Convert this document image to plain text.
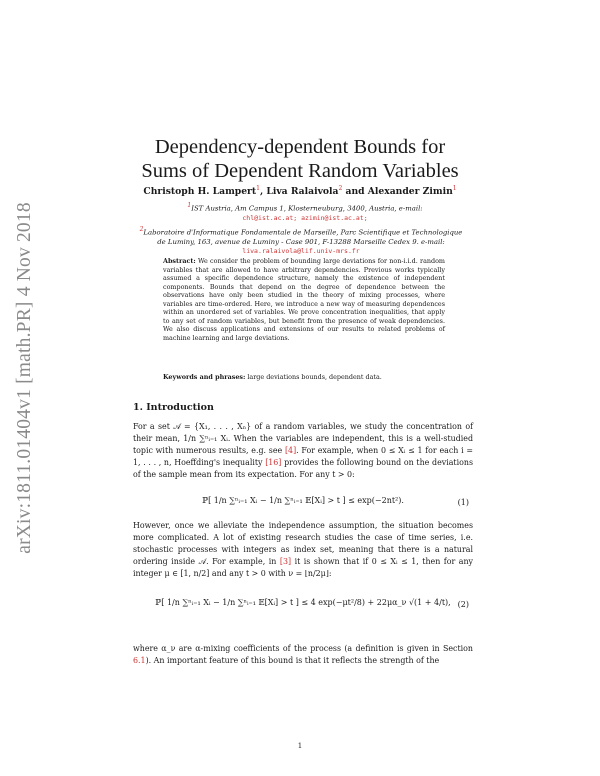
arXiv:1811.01404v1 [math.PR] 4 Nov 2018
Dependency-dependent Bounds for
Sums of Dependent Random Variables
Christoph H. Lampert$^1$, Liva Ralaivola$^2$ and Alexander Zimin$^1$
$^1$IST Austria, Am Campus 1, Klosterneuburg, 3400, Austria, e-mail:
chl@ist.ac.at; azimin@ist.ac.at;
$^2$Laboratoire d'Informatique Fondamentale de Marseille, Parc Scientifique et Technologique
de Luminy, 163, avenue de Luminy - Case 901, F-13288 Marseille Cedex 9. e-mail:
liva.ralaivola@lif.univ-mrs.fr
Abstract: We consider the problem of bounding large deviations for non-i.i.d. random variables that are allowed to have arbitrary dependencies. Previous works typically assumed a specific dependence structure, namely the existence of independent components. Bounds that depend on the degree of dependence between the observations have only been studied in the theory of mixing processes, where variables are time-ordered. Here, we introduce a new way of measuring dependences within an unordered set of variables. We prove concentration inequalities, that apply to any set of random variables, but benefit from the presence of weak dependencies. We also discuss applications and extensions of our results to related problems of machine learning and large deviations.
Keywords and phrases: large deviations bounds, dependent data.
1. Introduction
For a set 𝒜 = {X₁, . . . , Xₙ} of a random variables, we study the concentration of their mean, 1/n ∑ⁿᵢ₌₁ Xᵢ. When the variables are independent, this is a well-studied topic with numerous results, e.g. see [4]. For example, when 0 ≤ Xᵢ ≤ 1 for each i = 1, . . . , n, Hoeffding's inequality [16] provides the following bound on the deviations of the sample mean from its expectation. For any t > 0:
ℙ[ 1/n ∑ⁿᵢ₌₁ Xᵢ − 1/n ∑ⁿᵢ₌₁ 𝔼[Xᵢ] > t ] ≤ exp(−2nt²).	(1)
However, once we alleviate the independence assumption, the situation becomes more complicated. A lot of existing research studies the case of time series, i.e. stochastic processes with integers as index set, meaning that there is a natural ordering inside 𝒜. For example, in [3] it is shown that if 0 ≤ Xᵢ ≤ 1, then for any integer μ ∈ [1, n/2] and any t > 0 with ν = ⌊n/2μ⌋:
ℙ[ 1/n ∑ⁿᵢ₌₁ Xᵢ − 1/n ∑ⁿᵢ₌₁ 𝔼[Xᵢ] > t ] ≤ 4 exp(−μt²/8) + 22μα_ν √(1 + 4/t), (2)
where α_ν are α-mixing coefficients of the process (a definition is given in Section 6.1). An important feature of this bound is that it reflects the strength of the
1
